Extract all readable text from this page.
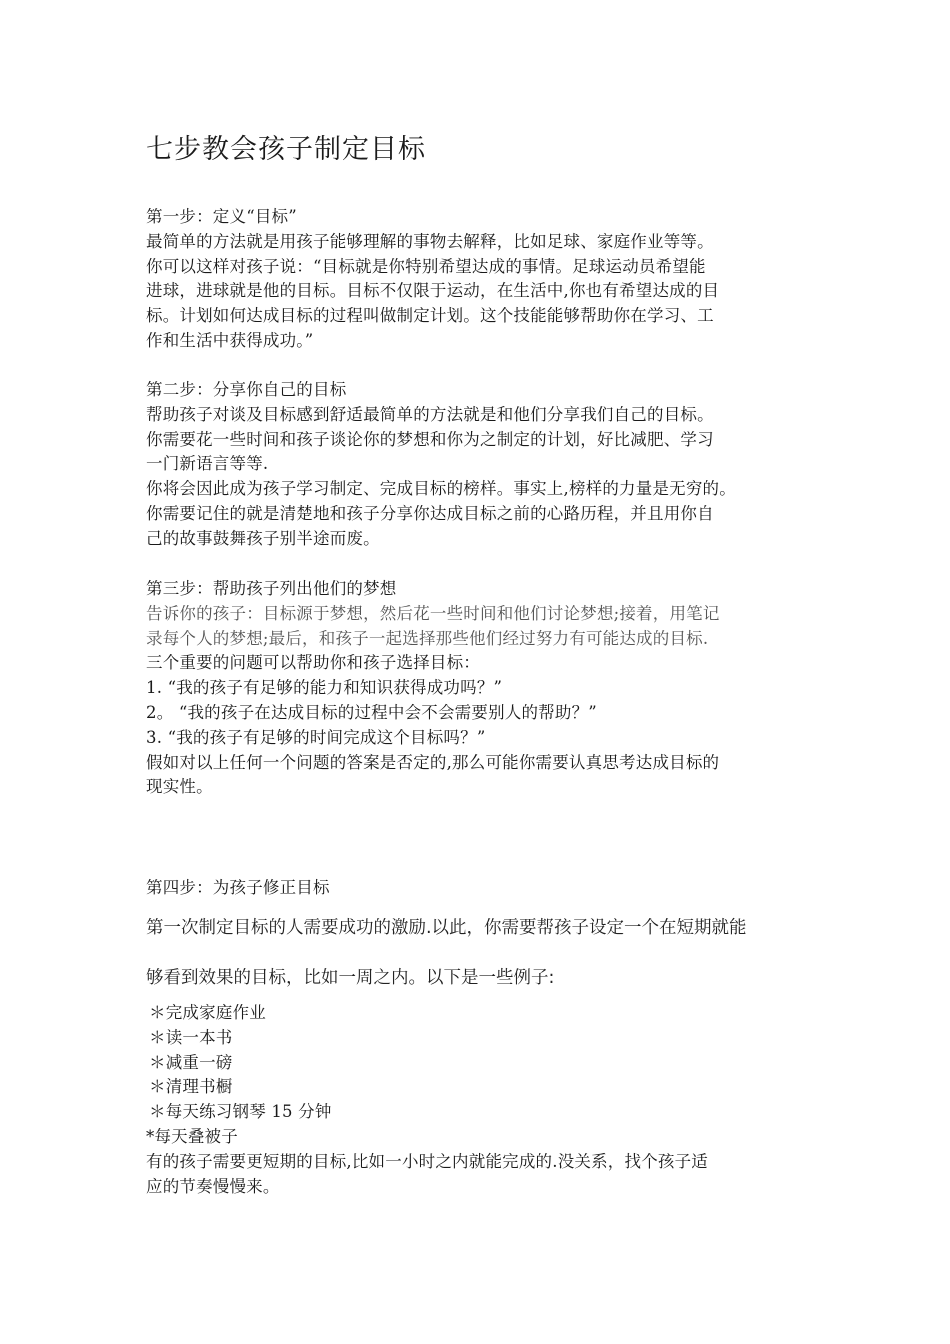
七步教会孩子制定目标
第一步：定义“目标”
最简单的方法就是用孩子能够理解的事物去解释，比如足球、家庭作业等等。
你可以这样对孩子说：“目标就是你特别希望达成的事情。足球运动员希望能
进球，进球就是他的目标。目标不仅限于运动，在生活中,你也有希望达成的目
标。计划如何达成目标的过程叫做制定计划。这个技能能够帮助你在学习、工
作和生活中获得成功。”
第二步：分享你自己的目标
帮助孩子对谈及目标感到舒适最简单的方法就是和他们分享我们自己的目标。
你需要花一些时间和孩子谈论你的梦想和你为之制定的计划，好比减肥、学习
一门新语言等等.
你将会因此成为孩子学习制定、完成目标的榜样。事实上,榜样的力量是无穷的。
你需要记住的就是清楚地和孩子分享你达成目标之前的心路历程，并且用你自
己的故事鼓舞孩子别半途而废。
第三步：帮助孩子列出他们的梦想
告诉你的孩子：目标源于梦想，然后花一些时间和他们讨论梦想;接着，用笔记
录每个人的梦想;最后，和孩子一起选择那些他们经过努力有可能达成的目标.
三个重要的问题可以帮助你和孩子选择目标：
1. “我的孩子有足够的能力和知识获得成功吗？”
2。 “我的孩子在达成目标的过程中会不会需要别人的帮助？”
3. “我的孩子有足够的时间完成这个目标吗？”
假如对以上任何一个问题的答案是否定的,那么可能你需要认真思考达成目标的
现实性。
第四步：为孩子修正目标
第一次制定目标的人需要成功的激励.以此，你需要帮孩子设定一个在短期就能
够看到效果的目标，比如一周之内。以下是一些例子:
＊完成家庭作业
＊读一本书
＊减重一磅
＊清理书橱
＊每天练习钢琴 15 分钟
*每天叠被子
有的孩子需要更短期的目标,比如一小时之内就能完成的.没关系，找个孩子适
应的节奏慢慢来。
